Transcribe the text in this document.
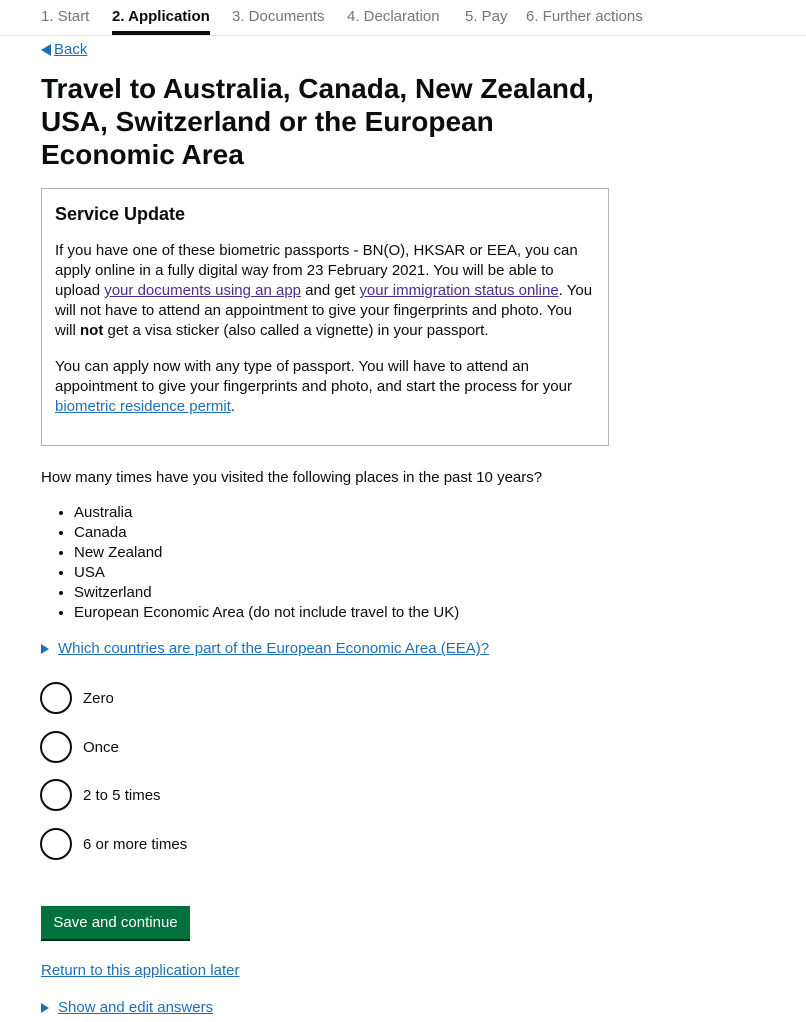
1. Start 2. Application 3. Documents 4. Declaration 5. Pay 6. Further actions
Back
Travel to Australia, Canada, New Zealand, USA, Switzerland or the European Economic Area
Service Update

If you have one of these biometric passports - BN(O), HKSAR or EEA, you can apply online in a fully digital way from 23 February 2021. You will be able to upload your documents using an app and get your immigration status online. You will not have to attend an appointment to give your fingerprints and photo. You will not get a visa sticker (also called a vignette) in your passport.

You can apply now with any type of passport. You will have to attend an appointment to give your fingerprints and photo, and start the process for your biometric residence permit.

How many times have you visited the following places in the past 10 years?

• Australia
• Canada
• New Zealand
• USA
• Switzerland
• European Economic Area (do not include travel to the UK)
Which countries are part of the European Economic Area (EEA)?
Zero
Once
2 to 5 times
6 or more times
Save and continue
Return to this application later
Show and edit answers
